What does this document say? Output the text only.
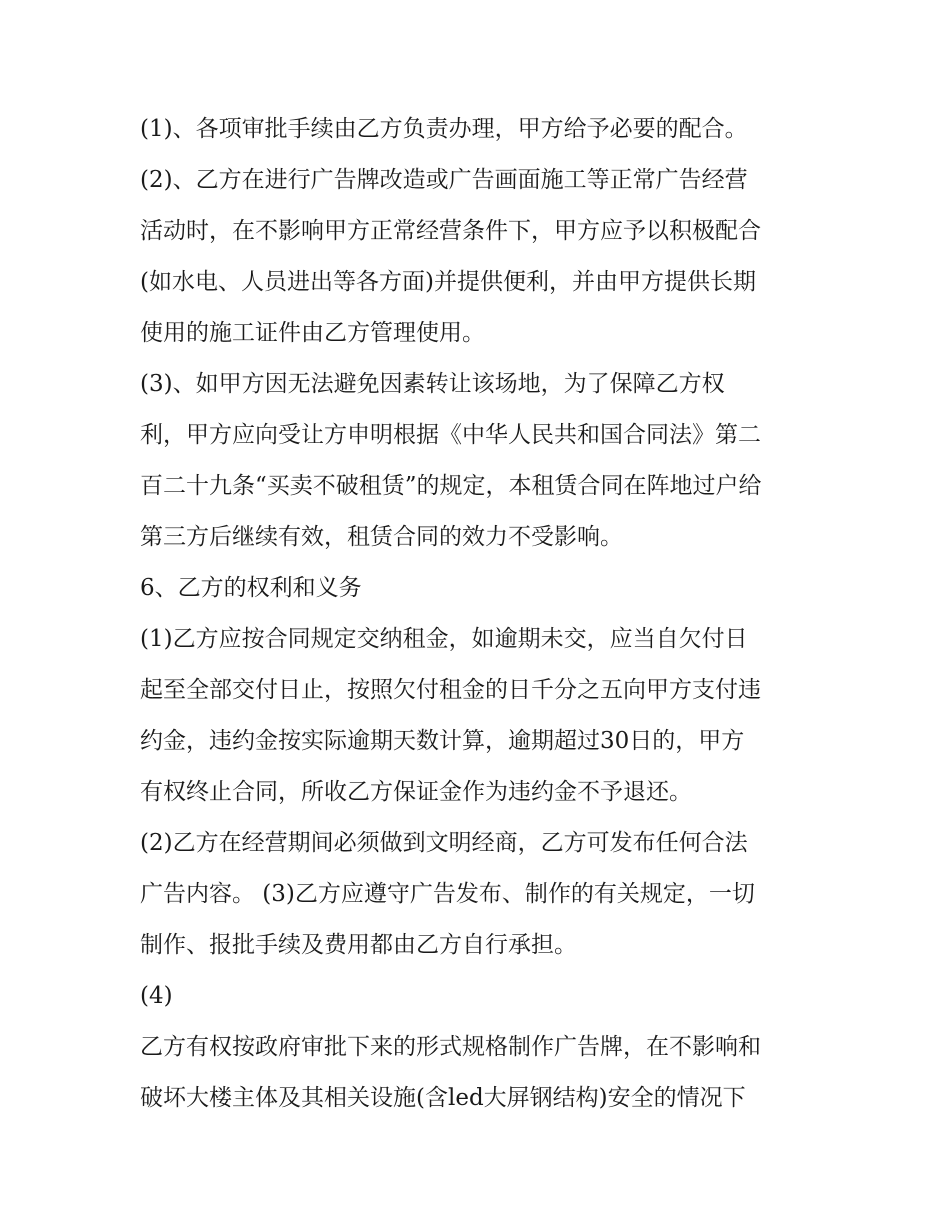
(1)、各项审批手续由乙方负责办理，甲方给予必要的配合。

(2)、乙方在进行广告牌改造或广告画面施工等正常广告经营

活动时，在不影响甲方正常经营条件下，甲方应予以积极配合

(如水电、人员进出等各方面)并提供便利，并由甲方提供长期

使用的施工证件由乙方管理使用。

(3)、如甲方因无法避免因素转让该场地，为了保障乙方权

利，甲方应向受让方申明根据《中华人民共和国合同法》第二

百二十九条“买卖不破租赁”的规定，本租赁合同在阵地过户给

第三方后继续有效，租赁合同的效力不受影响。

6、乙方的权利和义务

(1)乙方应按合同规定交纳租金，如逾期未交，应当自欠付日

起至全部交付日止，按照欠付租金的日千分之五向甲方支付违

约金，违约金按实际逾期天数计算，逾期超过30日的，甲方

有权终止合同，所收乙方保证金作为违约金不予退还。

(2)乙方在经营期间必须做到文明经商，乙方可发布任何合法

广告内容。 (3)乙方应遵守广告发布、制作的有关规定，一切

制作、报批手续及费用都由乙方自行承担。

(4)

乙方有权按政府审批下来的形式规格制作广告牌，在不影响和

破坏大楼主体及其相关设施(含led大屏钢结构)安全的情况下
